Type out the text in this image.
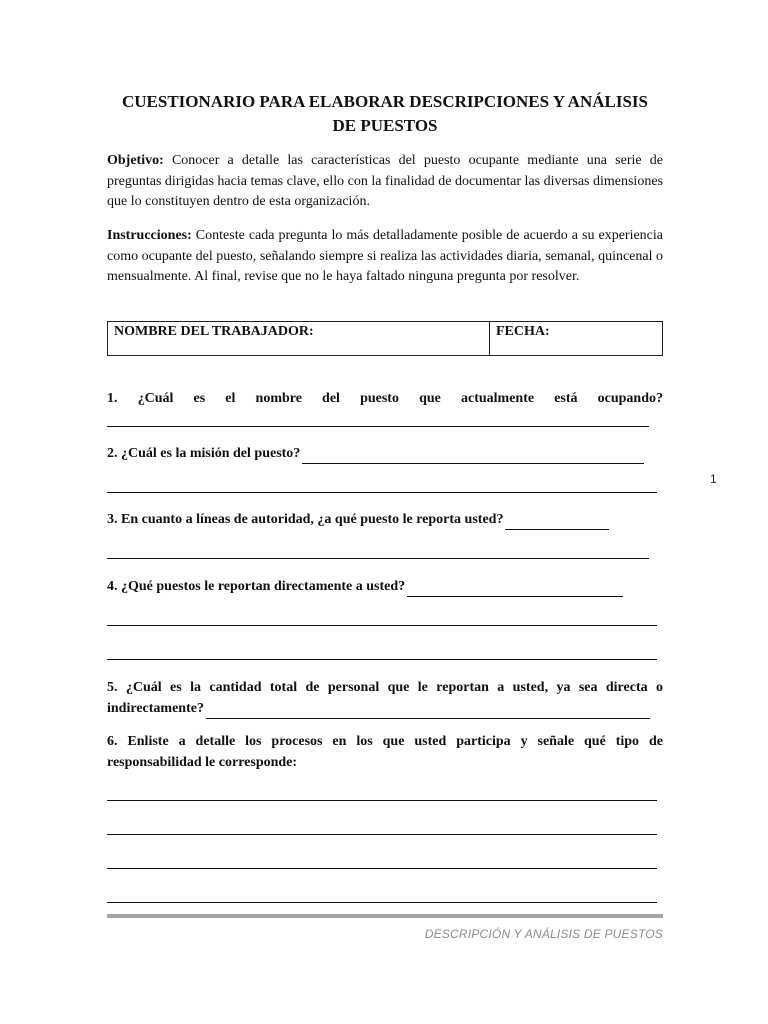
CUESTIONARIO PARA ELABORAR DESCRIPCIONES Y ANÁLISIS
DE PUESTOS
Objetivo: Conocer a detalle las características del puesto ocupante mediante una serie de preguntas dirigidas hacia temas clave, ello con la finalidad de documentar las diversas dimensiones que lo constituyen dentro de esta organización.
Instrucciones: Conteste cada pregunta lo más detalladamente posible de acuerdo a su experiencia como ocupante del puesto, señalando siempre si realiza las actividades diaria, semanal, quincenal o mensualmente. Al final, revise que no le haya faltado ninguna pregunta por resolver.
NOMBRE DEL TRABAJADOR:	FECHA:
1. ¿Cuál es el nombre del puesto que actualmente está ocupando?
2. ¿Cuál es la misión del puesto?
3. En cuanto a líneas de autoridad, ¿a qué puesto le reporta usted?
4. ¿Qué puestos le reportan directamente a usted?
5. ¿Cuál es la cantidad total de personal que le reportan a usted, ya sea directa o
indirectamente?
6. Enliste a detalle los procesos en los que usted participa y señale qué tipo de
responsabilidad le corresponde:
DESCRIPCIÓN Y ANÁLISIS DE PUESTOS
1
